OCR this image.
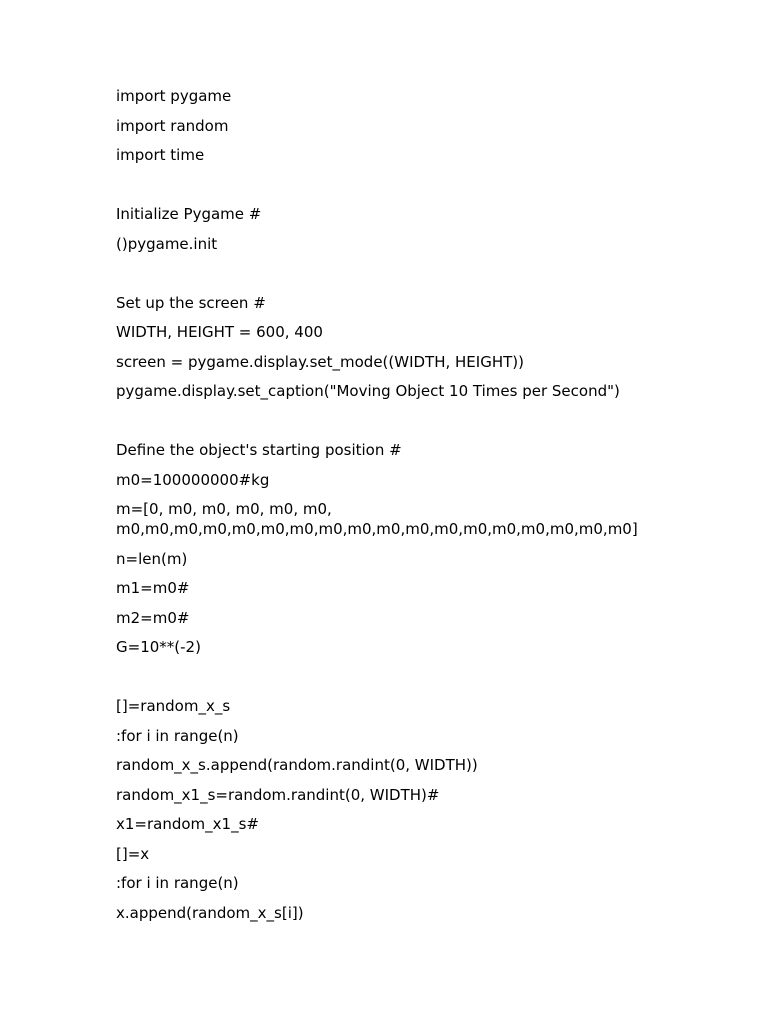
import pygame
import random
import time
Initialize Pygame #
()pygame.init
Set up the screen #
WIDTH, HEIGHT = 600, 400
screen = pygame.display.set_mode((WIDTH, HEIGHT))
pygame.display.set_caption("Moving Object 10 Times per Second")
Define the object's starting position #
m0=100000000#kg
m=[0, m0, m0, m0, m0, m0,
m0,m0,m0,m0,m0,m0,m0,m0,m0,m0,m0,m0,m0,m0,m0,m0,m0,m0]
n=len(m)
m1=m0#
m2=m0#
G=10**(-2)
[]=random_x_s
:for i in range(n)
random_x_s.append(random.randint(0, WIDTH))
random_x1_s=random.randint(0, WIDTH)#
x1=random_x1_s#
[]=x
:for i in range(n)
x.append(random_x_s[i])
